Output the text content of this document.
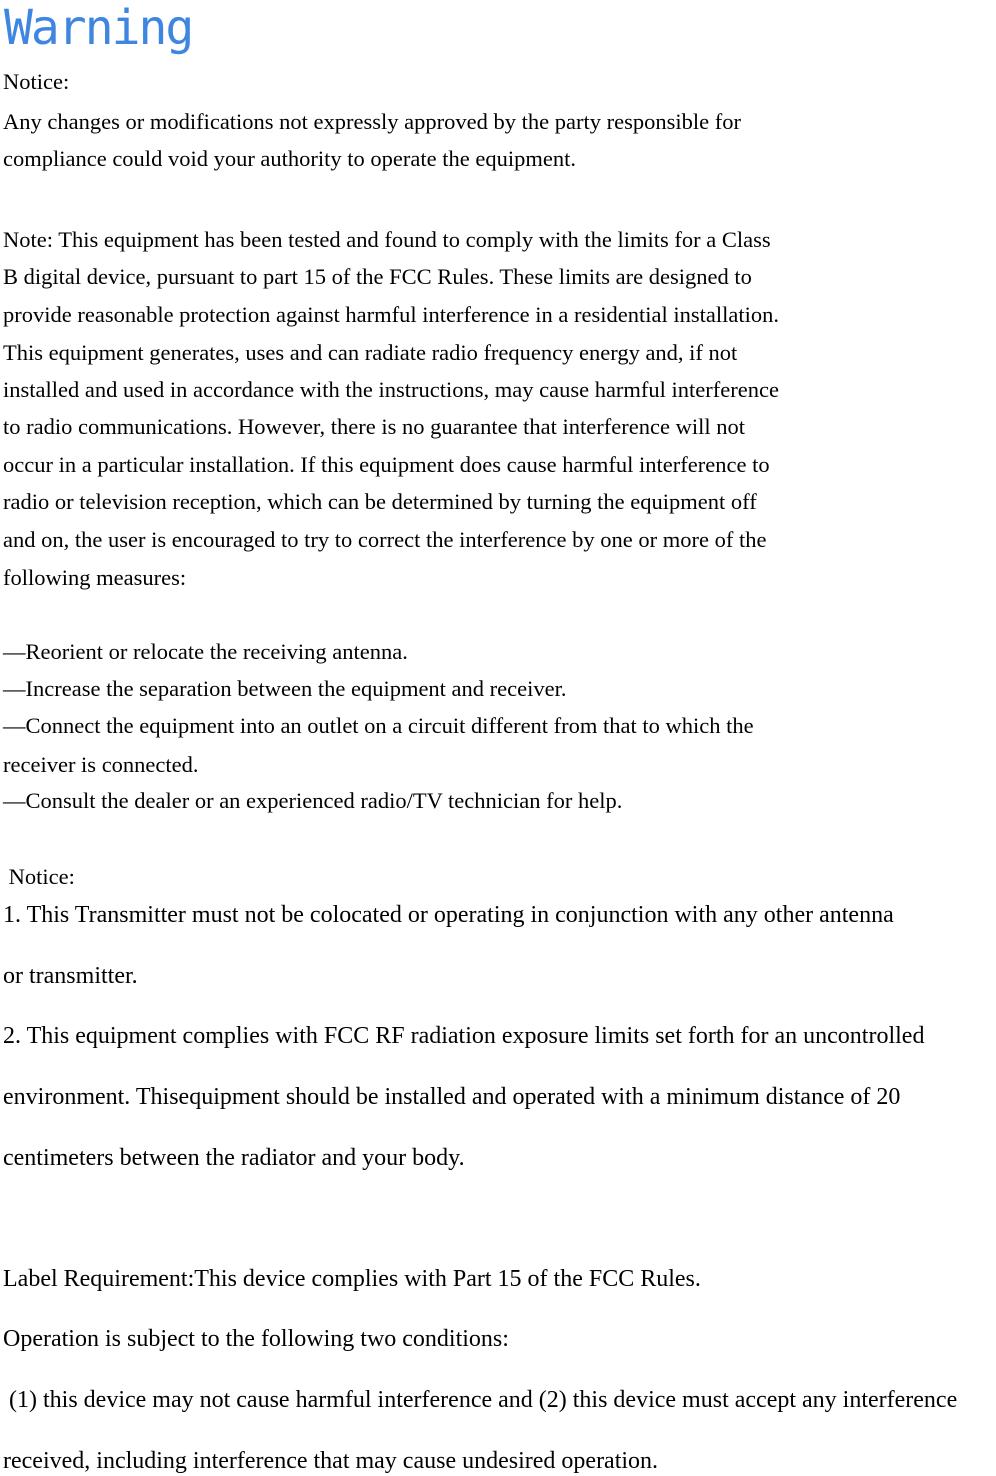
Warning
Notice:
Any changes or modifications not expressly approved by the party responsible for
compliance could void your authority to operate the equipment.
Note: This equipment has been tested and found to comply with the limits for a Class
B digital device, pursuant to part 15 of the FCC Rules. These limits are designed to
provide reasonable protection against harmful interference in a residential installation.
This equipment generates, uses and can radiate radio frequency energy and, if not
installed and used in accordance with the instructions, may cause harmful interference
to radio communications. However, there is no guarantee that interference will not
occur in a particular installation. If this equipment does cause harmful interference to
radio or television reception, which can be determined by turning the equipment off
and on, the user is encouraged to try to correct the interference by one or more of the
following measures:
—Reorient or relocate the receiving antenna.
—Increase the separation between the equipment and receiver.
—Connect the equipment into an outlet on a circuit different from that to which the
receiver is connected.
—Consult the dealer or an experienced radio/TV technician for help.
Notice:
1. This Transmitter must not be colocated or operating in conjunction with any other antenna
or transmitter.
2. This equipment complies with FCC RF radiation exposure limits set forth for an uncontrolled
environment. Thisequipment should be installed and operated with a minimum distance of 20
centimeters between the radiator and your body.
Label Requirement:This device complies with Part 15 of the FCC Rules.
Operation is subject to the following two conditions:
(1) this device may not cause harmful interference and (2) this device must accept any interference
received, including interference that may cause undesired operation.
